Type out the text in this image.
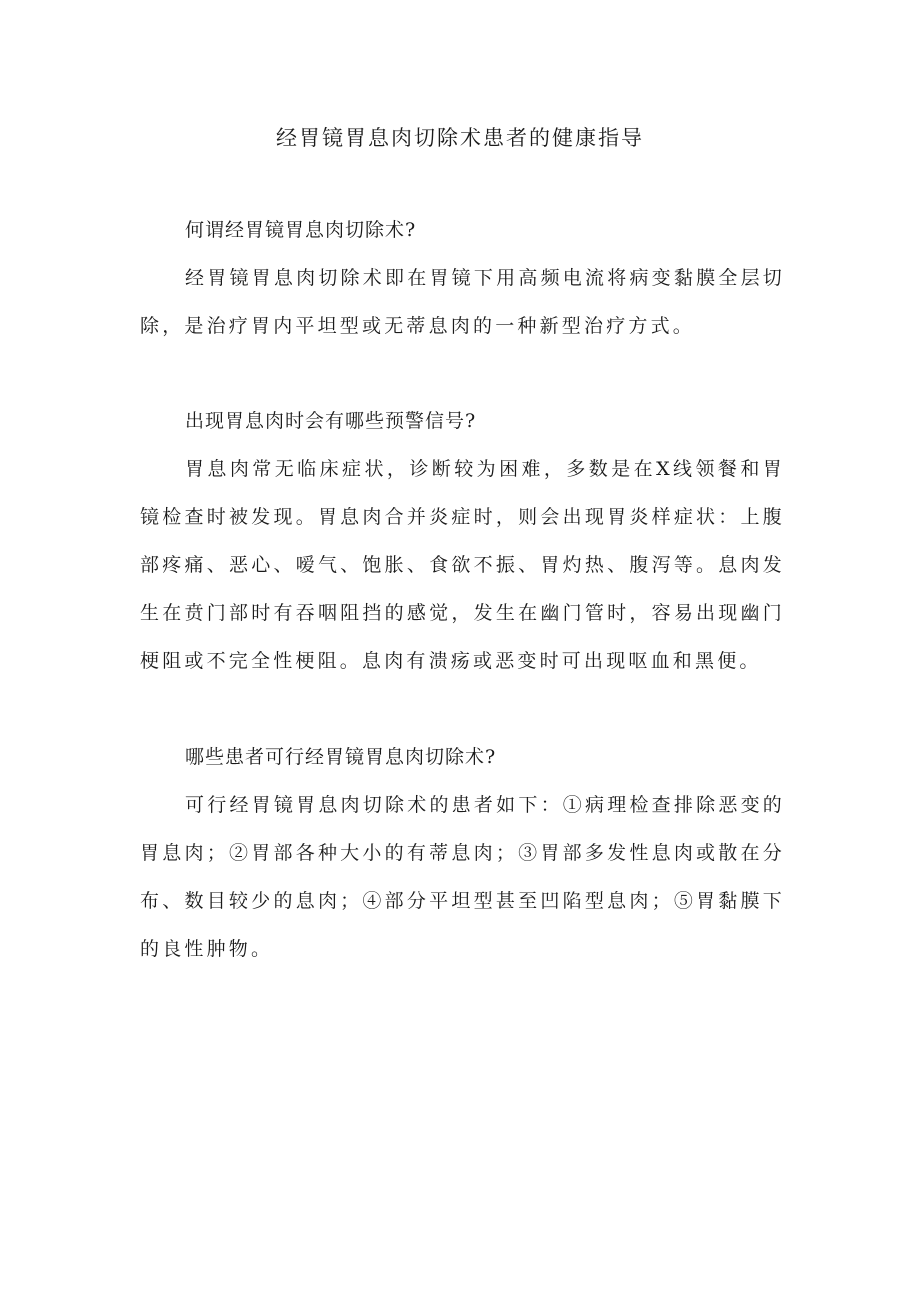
经胃镜胃息肉切除术患者的健康指导
何谓经胃镜胃息肉切除术?

经胃镜胃息肉切除术即在胃镜下用高频电流将病变黏膜全层切除，是治疗胃内平坦型或无蒂息肉的一种新型治疗方式。

出现胃息肉时会有哪些预警信号?

胃息肉常无临床症状，诊断较为困难，多数是在X线领餐和胃镜检查时被发现。胃息肉合并炎症时，则会出现胃炎样症状：上腹部疼痛、恶心、嗳气、饱胀、食欲不振、胃灼热、腹泻等。息肉发生在贲门部时有吞咽阻挡的感觉，发生在幽门管时，容易出现幽门梗阻或不完全性梗阻。息肉有溃疡或恶变时可出现呕血和黑便。

哪些患者可行经胃镜胃息肉切除术?

可行经胃镜胃息肉切除术的患者如下：①病理检查排除恶变的胃息肉；②胃部各种大小的有蒂息肉；③胃部多发性息肉或散在分布、数目较少的息肉；④部分平坦型甚至凹陷型息肉；⑤胃黏膜下的良性肿物。
